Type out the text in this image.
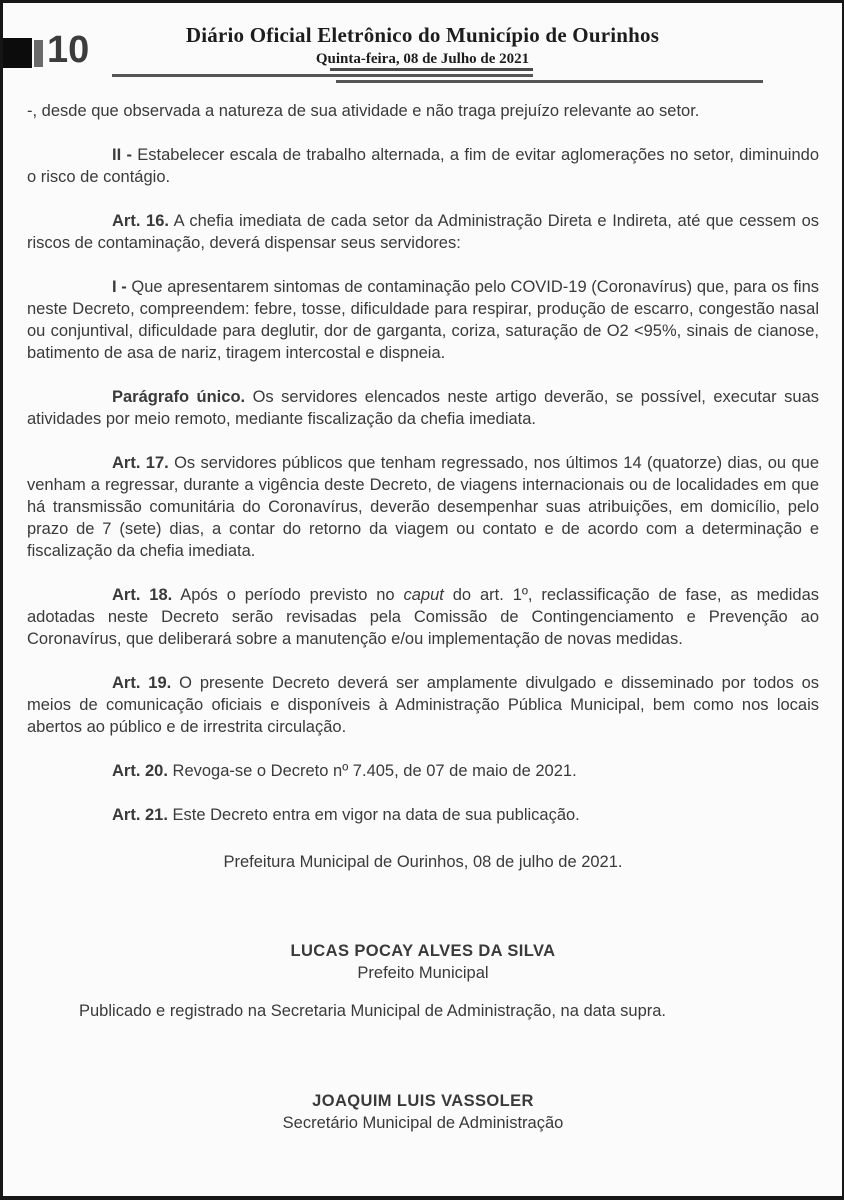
10	Diário Oficial Eletrônico do Município de Ourinhos
Quinta-feira, 08 de Julho de 2021

-, desde que observada a natureza de sua atividade e não traga prejuízo relevante ao setor.

II - Estabelecer escala de trabalho alternada, a fim de evitar aglomerações no setor, diminuindo o risco de contágio.

Art. 16. A chefia imediata de cada setor da Administração Direta e Indireta, até que cessem os riscos de contaminação, deverá dispensar seus servidores:

I - Que apresentarem sintomas de contaminação pelo COVID-19 (Coronavírus) que, para os fins neste Decreto, compreendem: febre, tosse, dificuldade para respirar, produção de escarro, congestão nasal ou conjuntival, dificuldade para deglutir, dor de garganta, coriza, saturação de O2 <95%, sinais de cianose, batimento de asa de nariz, tiragem intercostal e dispneia.

Parágrafo único. Os servidores elencados neste artigo deverão, se possível, executar suas atividades por meio remoto, mediante fiscalização da chefia imediata.

Art. 17. Os servidores públicos que tenham regressado, nos últimos 14 (quatorze) dias, ou que venham a regressar, durante a vigência deste Decreto, de viagens internacionais ou de localidades em que há transmissão comunitária do Coronavírus, deverão desempenhar suas atribuições, em domicílio, pelo prazo de 7 (sete) dias, a contar do retorno da viagem ou contato e de acordo com a determinação e fiscalização da chefia imediata.

Art. 18. Após o período previsto no caput do art. 1º, reclassificação de fase, as medidas adotadas neste Decreto serão revisadas pela Comissão de Contingenciamento e Prevenção ao Coronavírus, que deliberará sobre a manutenção e/ou implementação de novas medidas.

Art. 19. O presente Decreto deverá ser amplamente divulgado e disseminado por todos os meios de comunicação oficiais e disponíveis à Administração Pública Municipal, bem como nos locais abertos ao público e de irrestrita circulação.

Art. 20. Revoga-se o Decreto nº 7.405, de 07 de maio de 2021.

Art. 21. Este Decreto entra em vigor na data de sua publicação.

Prefeitura Municipal de Ourinhos, 08 de julho de 2021.
LUCAS POCAY ALVES DA SILVA
Prefeito Municipal
Publicado e registrado na Secretaria Municipal de Administração, na data supra.
JOAQUIM LUIS VASSOLER
Secretário Municipal de Administração
